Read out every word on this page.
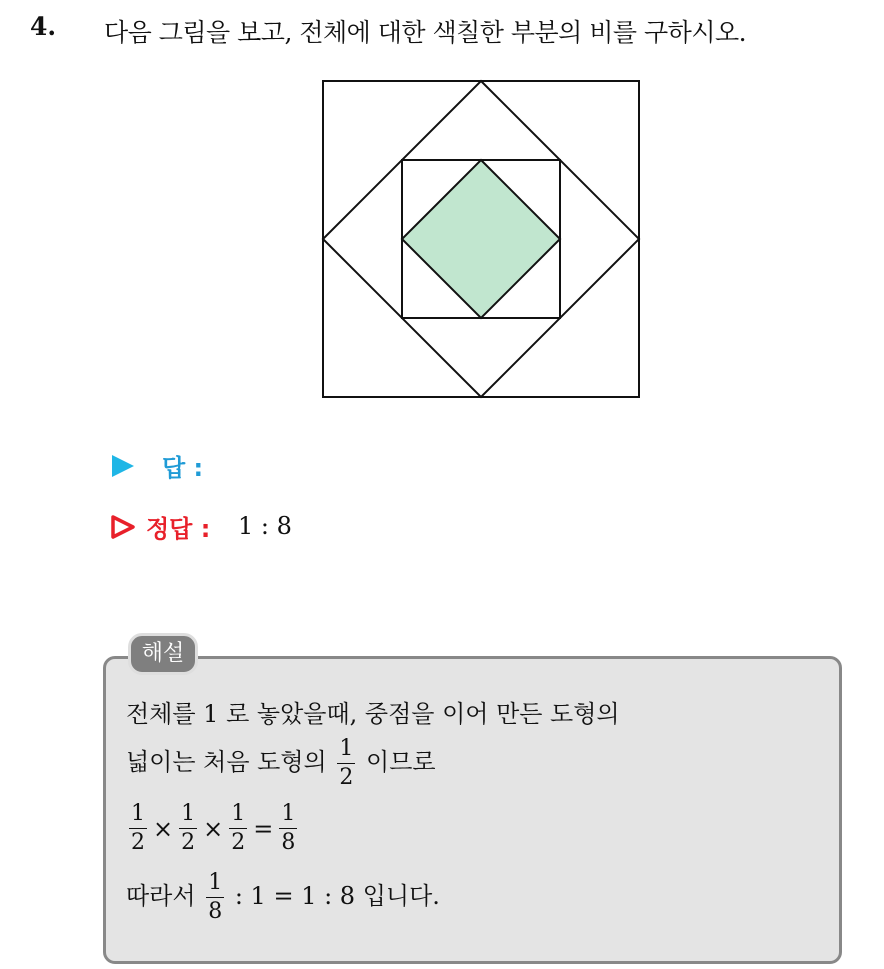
4. 다음 그림을 보고, 전체에 대한 색칠한 부분의 비를 구하시오.
답 :
정답 : 1 : 8
해설
전체를 1 로 놓았을때, 중점을 이어 만든 도형의
넓이는 처음 도형의 $\frac{1}{2}$ 이므로
$\frac{1}{2} \times \frac{1}{2} \times \frac{1}{2} = \frac{1}{8}$
따라서 $\frac{1}{8}$ : 1 = 1 : 8 입니다.
